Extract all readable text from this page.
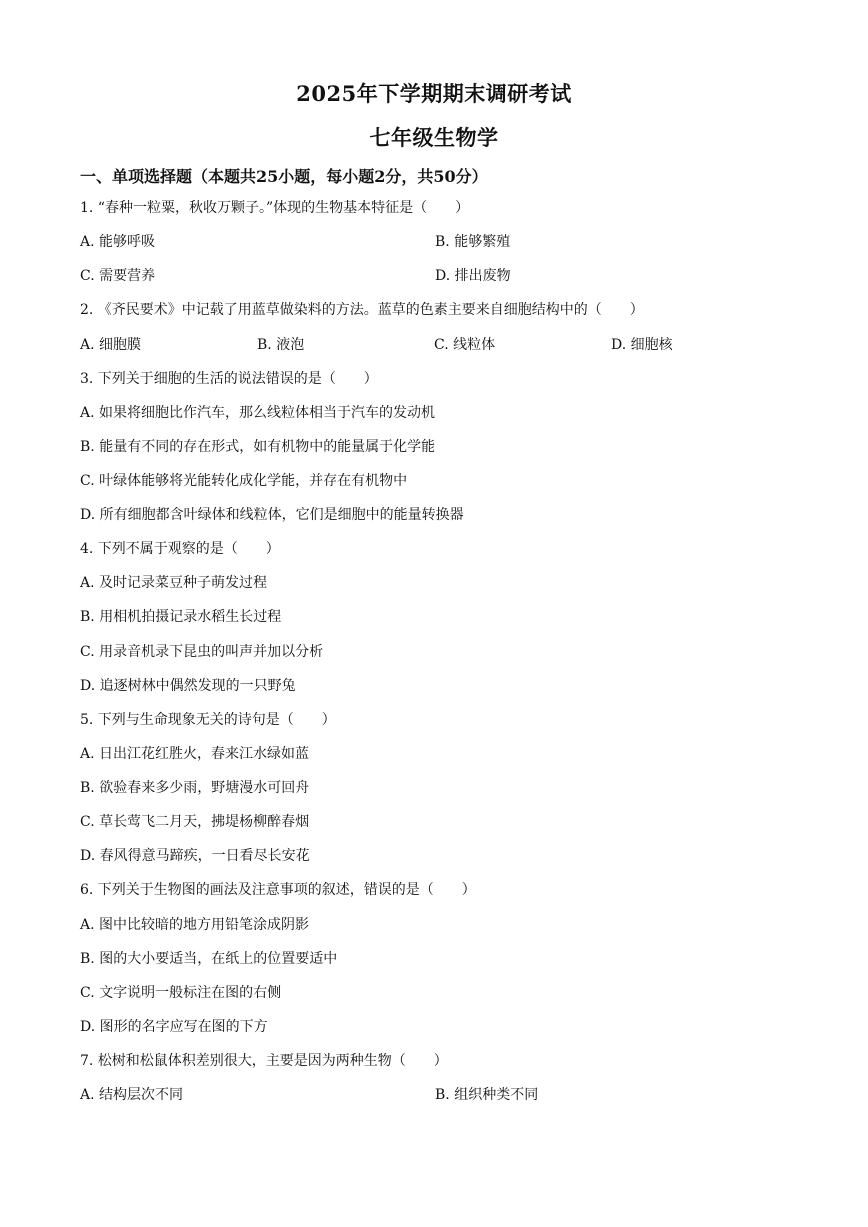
2025年下学期期末调研考试
七年级生物学
一、单项选择题（本题共25小题，每小题2分，共50分）
1. “春种一粒粟，秋收万颗子。”体现的生物基本特征是（　　）
A. 能够呼吸	B. 能够繁殖
C. 需要营养	D. 排出废物
2. 《齐民要术》中记载了用蓝草做染料的方法。蓝草的色素主要来自细胞结构中的（　　）
A. 细胞膜	B. 液泡	C. 线粒体	D. 细胞核
3. 下列关于细胞的生活的说法错误的是（　　）
A. 如果将细胞比作汽车，那么线粒体相当于汽车的发动机
B. 能量有不同的存在形式，如有机物中的能量属于化学能
C. 叶绿体能够将光能转化成化学能，并存在有机物中
D. 所有细胞都含叶绿体和线粒体，它们是细胞中的能量转换器
4. 下列不属于观察的是（　　）
A. 及时记录菜豆种子萌发过程
B. 用相机拍摄记录水稻生长过程
C. 用录音机录下昆虫的叫声并加以分析
D. 追逐树林中偶然发现的一只野兔
5. 下列与生命现象无关的诗句是（　　）
A. 日出江花红胜火，春来江水绿如蓝
B. 欲验春来多少雨，野塘漫水可回舟
C. 草长莺飞二月天，拂堤杨柳醉春烟
D. 春风得意马蹄疾，一日看尽长安花
6. 下列关于生物图的画法及注意事项的叙述，错误的是（　　）
A. 图中比较暗的地方用铅笔涂成阴影
B. 图的大小要适当，在纸上的位置要适中
C. 文字说明一般标注在图的右侧
D. 图形的名字应写在图的下方
7. 松树和松鼠体积差别很大，主要是因为两种生物（　　）
A. 结构层次不同	B. 组织种类不同
